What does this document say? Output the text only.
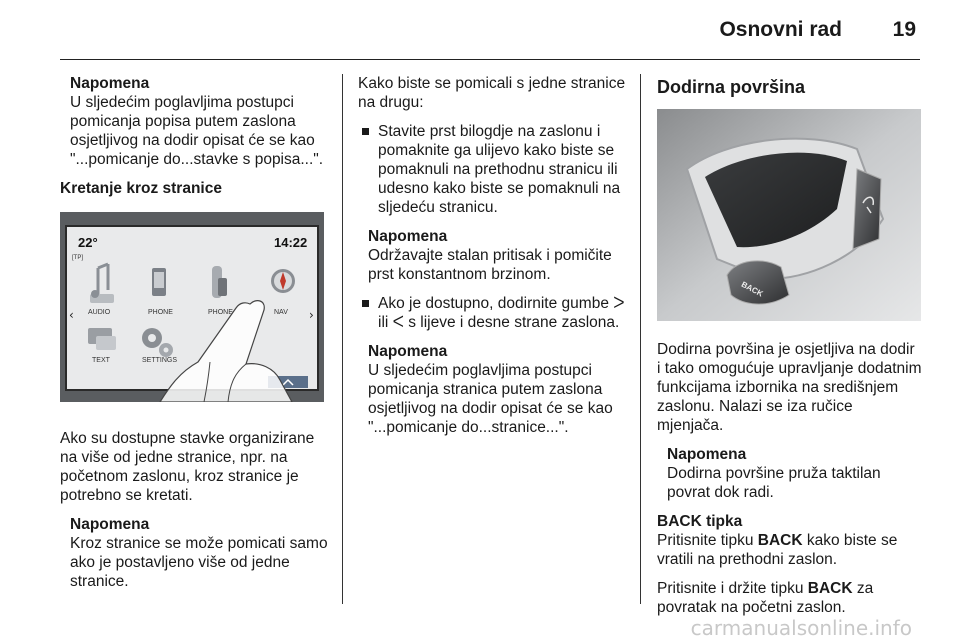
Osnovni rad 19
Napomena
U sljedećim poglavljima postupci pomicanja popisa putem zaslona osjetljivog na dodir opisat će se kao "...pomicanje do...stavke s popisa...".
Kretanje kroz stranice
22°
[TP]
14:22
AUDIO	PHONE	PHONE	NAV
TEXT	SETTINGS
‹	›
Ako su dostupne stavke organizirane na više od jedne stranice, npr. na početnom zaslonu, kroz stranice je potrebno se kretati.
Napomena
Kroz stranice se može pomicati samo ako je postavljeno više od jedne stranice.
Kako biste se pomicali s jedne stranice na drugu:
Stavite prst bilogdje na zaslonu i pomaknite ga ulijevo kako biste se pomaknuli na prethodnu stranicu ili udesno kako biste se pomaknuli na sljedeću stranicu.
Napomena
Održavajte stalan pritisak i pomičite prst konstantnom brzinom.
Ako je dostupno, dodirnite gumbe ᐳ ili ᐸ s lijeve i desne strane zaslona.
Napomena
U sljedećim poglavljima postupci pomicanja stranica putem zaslona osjetljivog na dodir opisat će se kao "...pomicanje do...stranice...".
Dodirna površina
BACK
Dodirna površina je osjetljiva na dodir i tako omogućuje upravljanje dodatnim funkcijama izbornika na središnjem zaslonu. Nalazi se iza ručice mjenjača.
Napomena
Dodirna površine pruža taktilan povrat dok radi.
BACK tipka
Pritisnite tipku BACK kako biste se vratili na prethodni zaslon.
Pritisnite i držite tipku BACK za povratak na početni zaslon.
carmanualsonline.info
